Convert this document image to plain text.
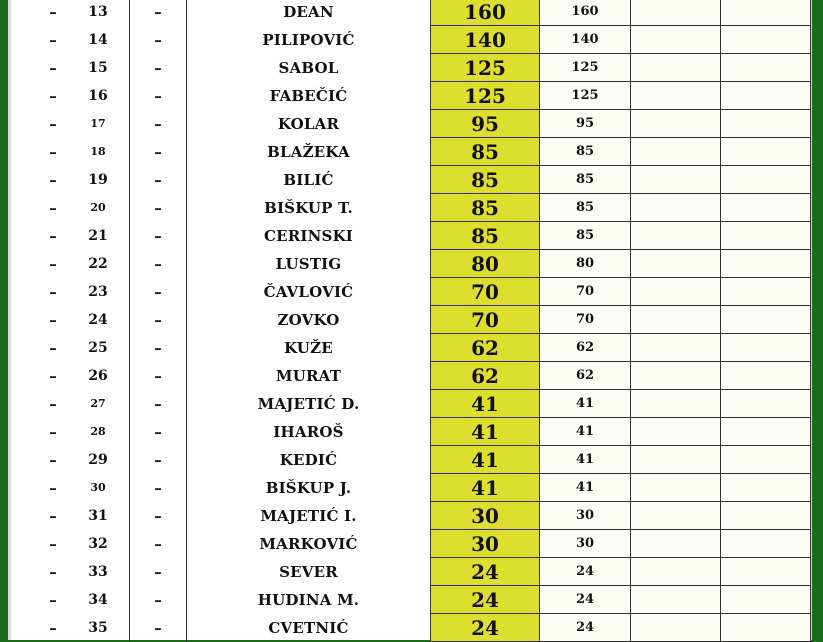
–	13	–	DEAN	160	160		
–	14	–	PILIPOVIĆ	140	140		
–	15	–	SABOL	125	125		
–	16	–	FABEČIĆ	125	125		
–	17	–	KOLAR	95	95		
–	18	–	BLAŽEKA	85	85		
–	19	–	BILIĆ	85	85		
–	20	–	BIŠKUP T.	85	85		
–	21	–	CERINSKI	85	85		
–	22	–	LUSTIG	80	80		
–	23	–	ČAVLOVIĆ	70	70		
–	24	–	ZOVKO	70	70		
–	25	–	KUŽE	62	62		
–	26	–	MURAT	62	62		
–	27	–	MAJETIĆ D.	41	41		
–	28	–	IHAROŠ	41	41		
–	29	–	KEDIĆ	41	41		
–	30	–	BIŠKUP J.	41	41		
–	31	–	MAJETIĆ I.	30	30		
–	32	–	MARKOVIĆ	30	30		
–	33	–	SEVER	24	24		
–	34	–	HUDINA M.	24	24		
–	35	–	CVETNIĆ	24	24		
